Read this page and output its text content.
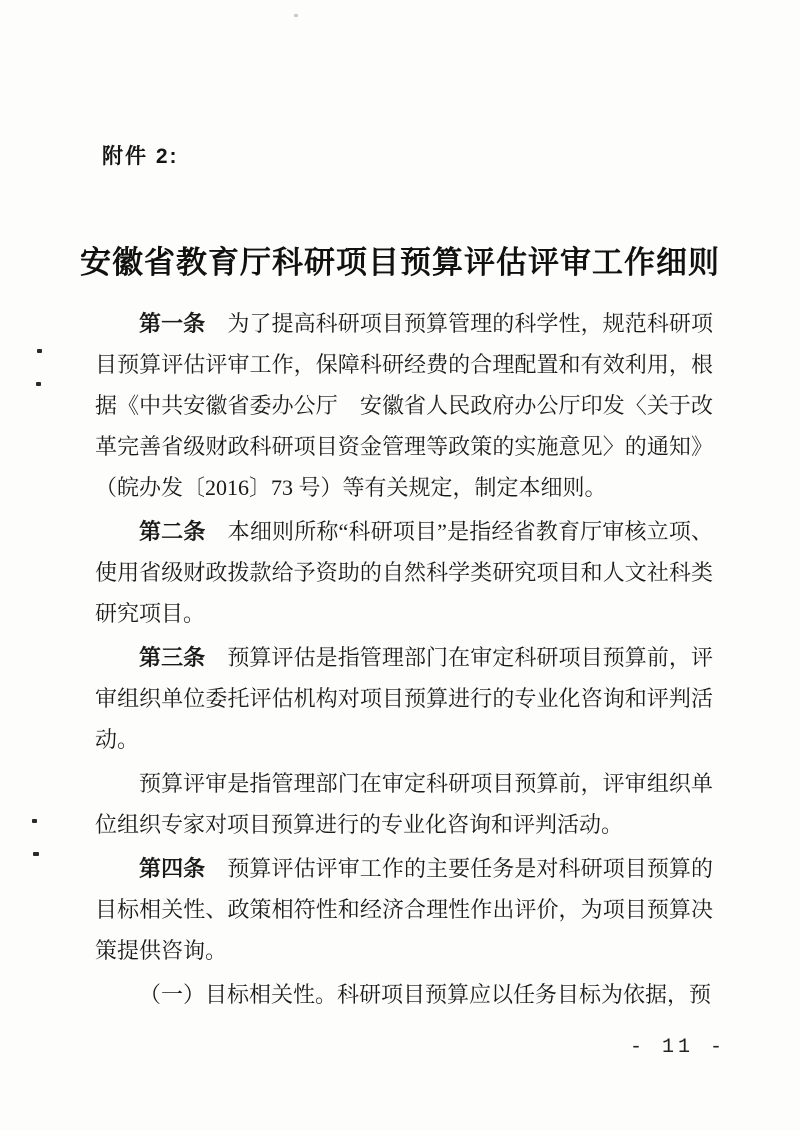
附件 2:
安徽省教育厅科研项目预算评估评审工作细则

第一条　为了提高科研项目预算管理的科学性，规范科研项目预算评估评审工作，保障科研经费的合理配置和有效利用，根据《中共安徽省委办公厅　安徽省人民政府办公厅印发〈关于改革完善省级财政科研项目资金管理等政策的实施意见〉的通知》（皖办发〔2016〕73 号）等有关规定，制定本细则。

第二条　本细则所称“科研项目”是指经省教育厅审核立项、使用省级财政拨款给予资助的自然科学类研究项目和人文社科类研究项目。

第三条　预算评估是指管理部门在审定科研项目预算前，评审组织单位委托评估机构对项目预算进行的专业化咨询和评判活动。

预算评审是指管理部门在审定科研项目预算前，评审组织单位组织专家对项目预算进行的专业化咨询和评判活动。

第四条　预算评估评审工作的主要任务是对科研项目预算的目标相关性、政策相符性和经济合理性作出评价，为项目预算决策提供咨询。

（一）目标相关性。科研项目预算应以任务目标为依据，预

- 11 -
